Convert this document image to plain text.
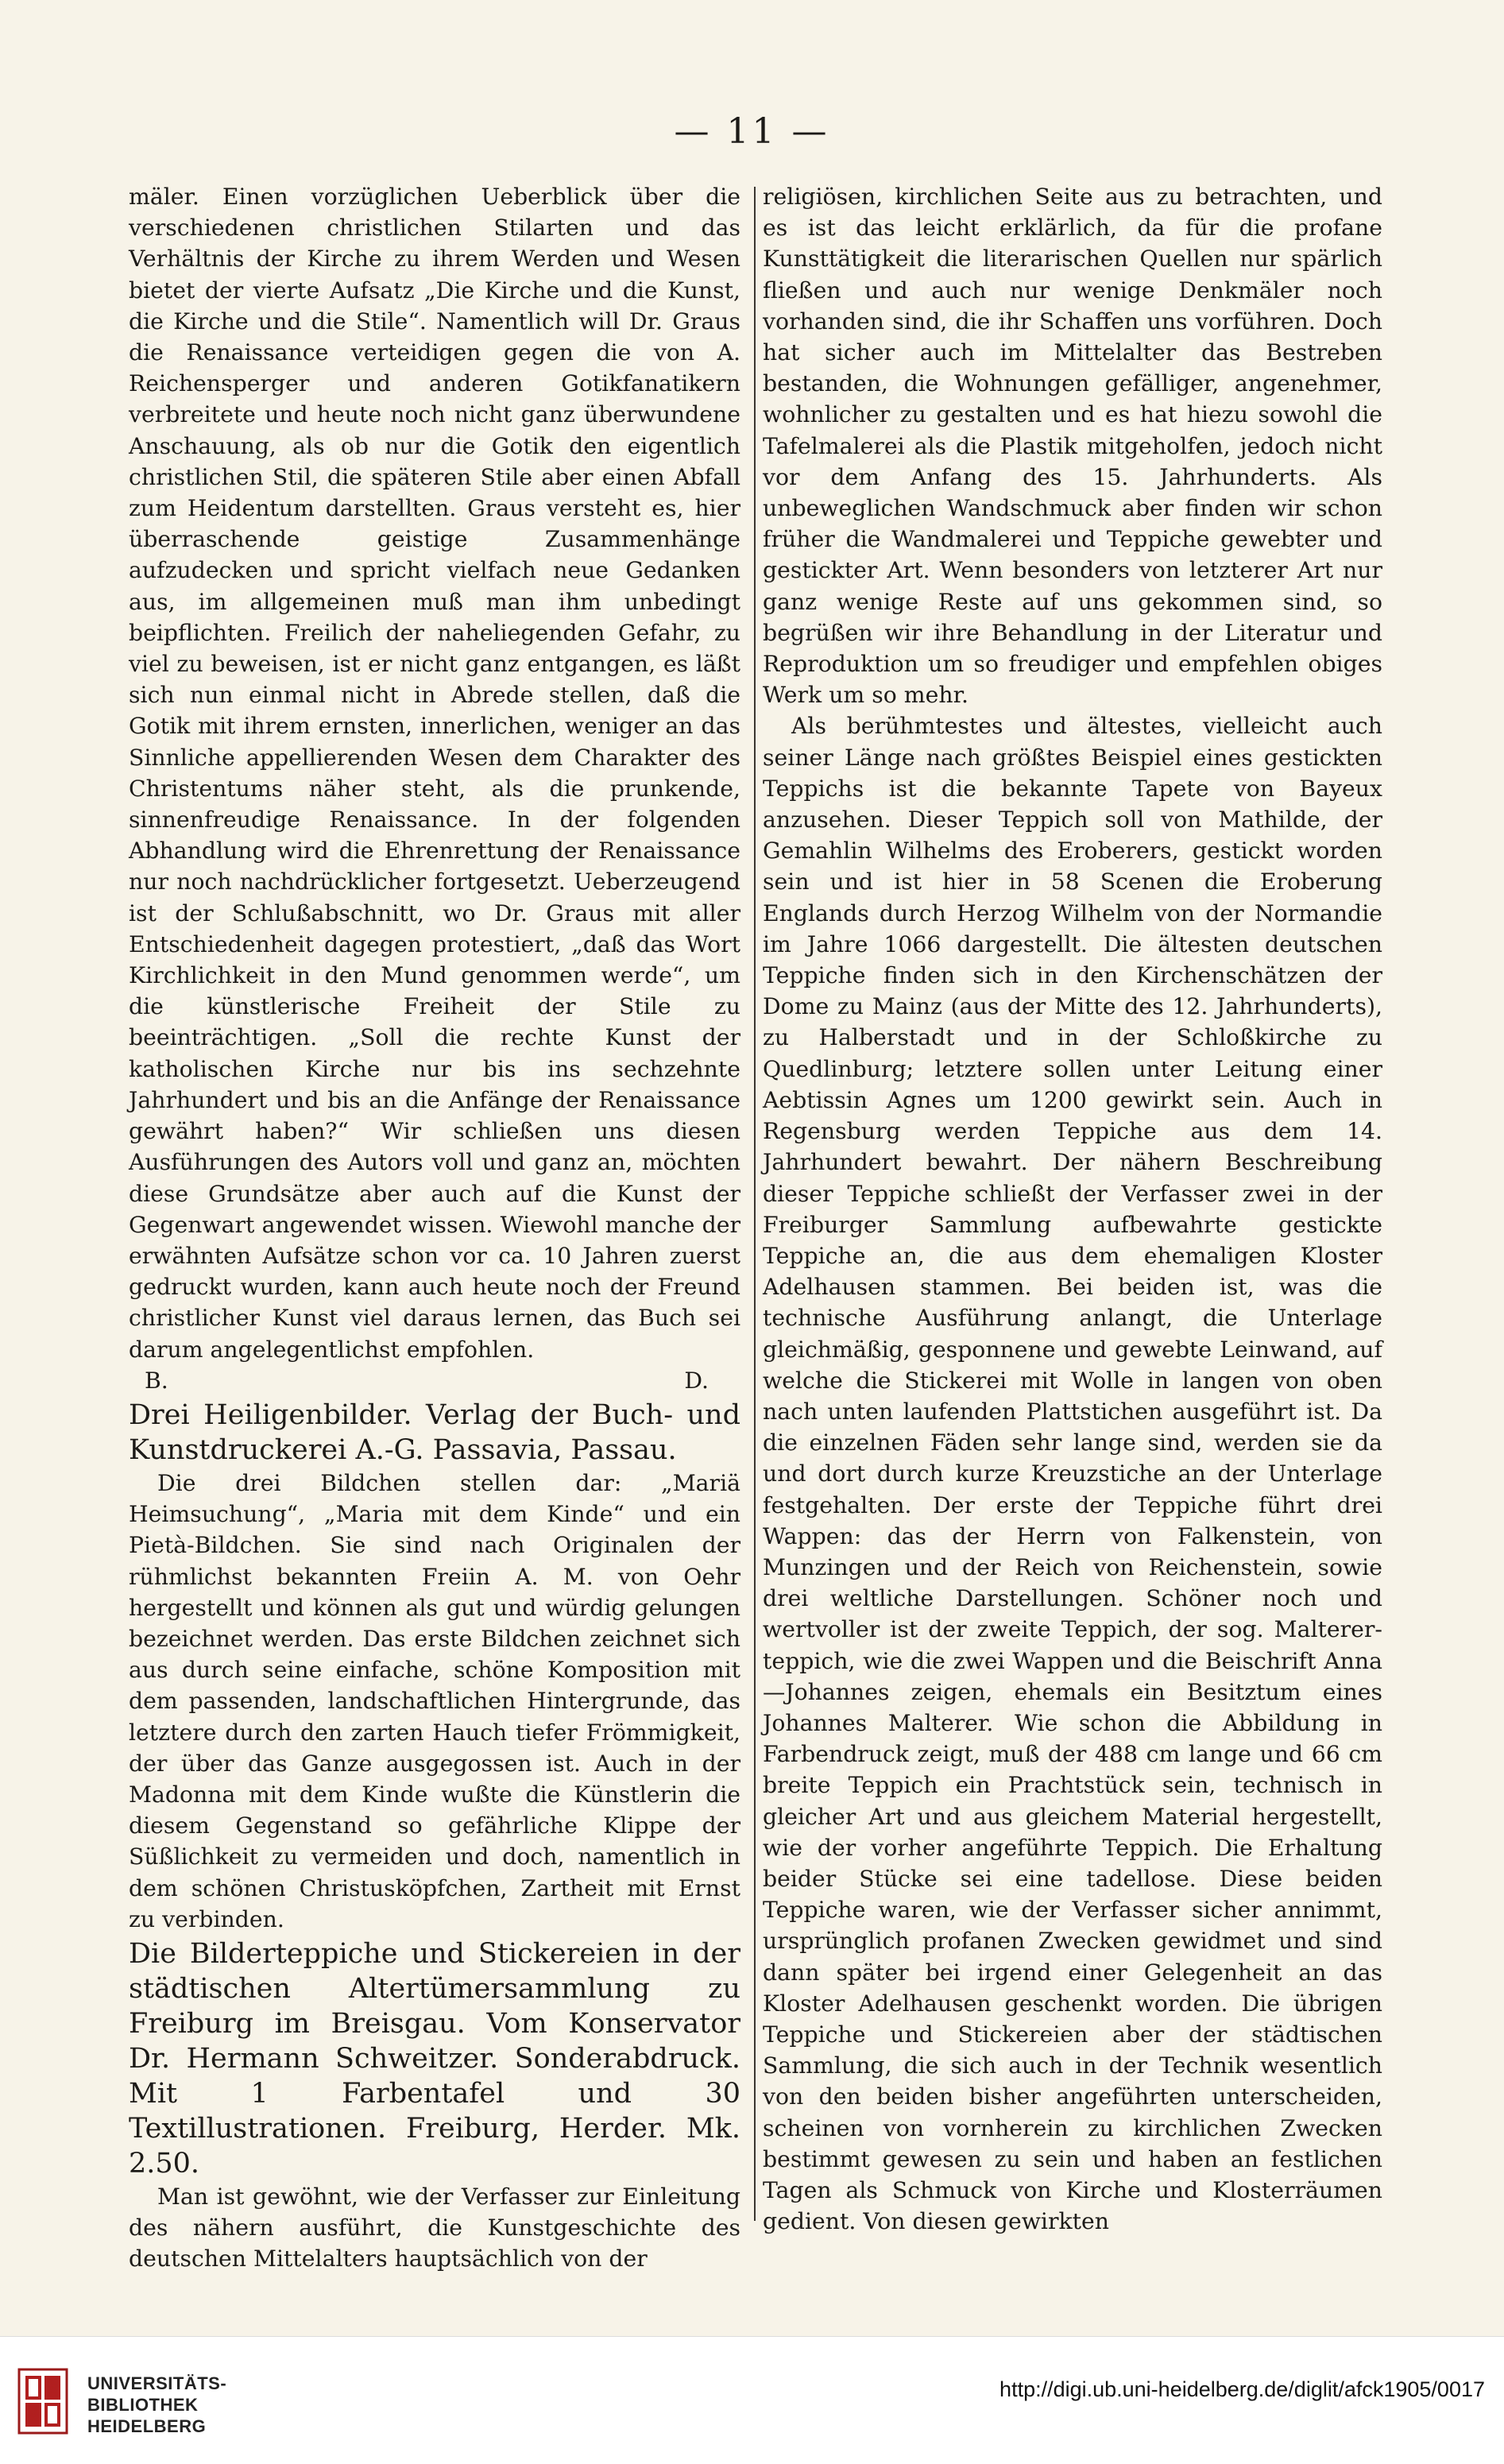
— 11 —

mäler. Einen vorzüglichen Ueberblick über die verschiedenen christlichen Stilarten und das Verhältnis der Kirche zu ihrem Werden und Wesen bietet der vierte Aufsatz „Die Kirche und die Kunst, die Kirche und die Stile“. Namentlich will Dr. Graus die Renaissance verteidigen gegen die von A. Reichensperger und anderen Gotikfanatikern verbreitete und heute noch nicht ganz überwundene Anschauung, als ob nur die Gotik den eigentlich christlichen Stil, die späteren Stile aber einen Abfall zum Heidentum darstellten. Graus versteht es, hier überraschende geistige Zusammenhänge aufzudecken und spricht vielfach neue Gedanken aus, im allgemeinen muß man ihm unbedingt beipflichten. Freilich der naheliegenden Gefahr, zu viel zu beweisen, ist er nicht ganz entgangen, es läßt sich nun einmal nicht in Abrede stellen, daß die Gotik mit ihrem ernsten, innerlichen, weniger an das Sinnliche appellierenden Wesen dem Charakter des Christentums näher steht, als die prunkende, sinnenfreudige Renaissance. In der folgenden Abhandlung wird die Ehrenrettung der Renaissance nur noch nachdrücklicher fortgesetzt. Ueberzeugend ist der Schlußabschnitt, wo Dr. Graus mit aller Entschiedenheit dagegen protestiert, „daß das Wort Kirchlichkeit in den Mund genommen werde“, um die künstlerische Freiheit der Stile zu beeinträchtigen. „Soll die rechte Kunst der katholischen Kirche nur bis ins sechzehnte Jahrhundert und bis an die Anfänge der Renaissance gewährt haben?“ Wir schließen uns diesen Ausführungen des Autors voll und ganz an, möchten diese Grundsätze aber auch auf die Kunst der Gegenwart angewendet wissen. Wiewohl manche der erwähnten Aufsätze schon vor ca. 10 Jahren zuerst gedruckt wurden, kann auch heute noch der Freund christlicher Kunst viel daraus lernen, das Buch sei darum angelegentlichst empfohlen.

B.	D.

Drei Heiligenbilder. Verlag der Buch- und Kunstdruckerei A.-G. Passavia, Passau.

Die drei Bildchen stellen dar: „Mariä Heimsuchung“, „Maria mit dem Kinde“ und ein Pietà-Bildchen. Sie sind nach Originalen der rühmlichst bekannten Freiin A. M. von Oehr hergestellt und können als gut und würdig gelungen bezeichnet werden. Das erste Bildchen zeichnet sich aus durch seine einfache, schöne Komposition mit dem passenden, landschaftlichen Hintergrunde, das letztere durch den zarten Hauch tiefer Frömmigkeit, der über das Ganze ausgegossen ist. Auch in der Madonna mit dem Kinde wußte die Künstlerin die diesem Gegenstand so gefährliche Klippe der Süßlichkeit zu vermeiden und doch, namentlich in dem schönen Christusköpfchen, Zartheit mit Ernst zu verbinden.

Die Bilderteppiche und Stickereien in der städtischen Altertümersammlung zu Freiburg im Breisgau. Vom Konservator Dr. Hermann Schweitzer. Sonderabdruck. Mit 1 Farbentafel und 30 Textillustrationen. Freiburg, Herder. Mk. 2.50.

Man ist gewöhnt, wie der Verfasser zur Einleitung des nähern ausführt, die Kunstgeschichte des deutschen Mittelalters hauptsächlich von der

religiösen, kirchlichen Seite aus zu betrachten, und es ist das leicht erklärlich, da für die profane Kunsttätigkeit die literarischen Quellen nur spärlich fließen und auch nur wenige Denkmäler noch vorhanden sind, die ihr Schaffen uns vorführen. Doch hat sicher auch im Mittelalter das Bestreben bestanden, die Wohnungen gefälliger, angenehmer, wohnlicher zu gestalten und es hat hiezu sowohl die Tafelmalerei als die Plastik mitgeholfen, jedoch nicht vor dem Anfang des 15. Jahrhunderts. Als unbeweglichen Wandschmuck aber finden wir schon früher die Wandmalerei und Teppiche gewebter und gestickter Art. Wenn besonders von letzterer Art nur ganz wenige Reste auf uns gekommen sind, so begrüßen wir ihre Behandlung in der Literatur und Reproduktion um so freudiger und empfehlen obiges Werk um so mehr.

Als berühmtestes und ältestes, vielleicht auch seiner Länge nach größtes Beispiel eines gestickten Teppichs ist die bekannte Tapete von Bayeux anzusehen. Dieser Teppich soll von Mathilde, der Gemahlin Wilhelms des Eroberers, gestickt worden sein und ist hier in 58 Scenen die Eroberung Englands durch Herzog Wilhelm von der Normandie im Jahre 1066 dargestellt. Die ältesten deutschen Teppiche finden sich in den Kirchenschätzen der Dome zu Mainz (aus der Mitte des 12. Jahrhunderts), zu Halberstadt und in der Schloßkirche zu Quedlinburg; letztere sollen unter Leitung einer Aebtissin Agnes um 1200 gewirkt sein. Auch in Regensburg werden Teppiche aus dem 14. Jahrhundert bewahrt. Der nähern Beschreibung dieser Teppiche schließt der Verfasser zwei in der Freiburger Sammlung aufbewahrte gestickte Teppiche an, die aus dem ehemaligen Kloster Adelhausen stammen. Bei beiden ist, was die technische Ausführung anlangt, die Unterlage gleichmäßig, gesponnene und gewebte Leinwand, auf welche die Stickerei mit Wolle in langen von oben nach unten laufenden Plattstichen ausgeführt ist. Da die einzelnen Fäden sehr lange sind, werden sie da und dort durch kurze Kreuzstiche an der Unterlage festgehalten. Der erste der Teppiche führt drei Wappen: das der Herrn von Falkenstein, von Munzingen und der Reich von Reichenstein, sowie drei weltliche Darstellungen. Schöner noch und wertvoller ist der zweite Teppich, der sog. Malterer-teppich, wie die zwei Wappen und die Beischrift Anna—Johannes zeigen, ehemals ein Besitztum eines Johannes Malterer. Wie schon die Abbildung in Farbendruck zeigt, muß der 488 cm lange und 66 cm breite Teppich ein Prachtstück sein, technisch in gleicher Art und aus gleichem Material hergestellt, wie der vorher angeführte Teppich. Die Erhaltung beider Stücke sei eine tadellose. Diese beiden Teppiche waren, wie der Verfasser sicher annimmt, ursprünglich profanen Zwecken gewidmet und sind dann später bei irgend einer Gelegenheit an das Kloster Adelhausen geschenkt worden. Die übrigen Teppiche und Stickereien aber der städtischen Sammlung, die sich auch in der Technik wesentlich von den beiden bisher angeführten unterscheiden, scheinen von vornherein zu kirchlichen Zwecken bestimmt gewesen zu sein und haben an festlichen Tagen als Schmuck von Kirche und Klosterräumen gedient. Von diesen gewirkten

UNIVERSITÄTS-
BIBLIOTHEK
HEIDELBERG
http://digi.ub.uni-heidelberg.de/diglit/afck1905/0017
